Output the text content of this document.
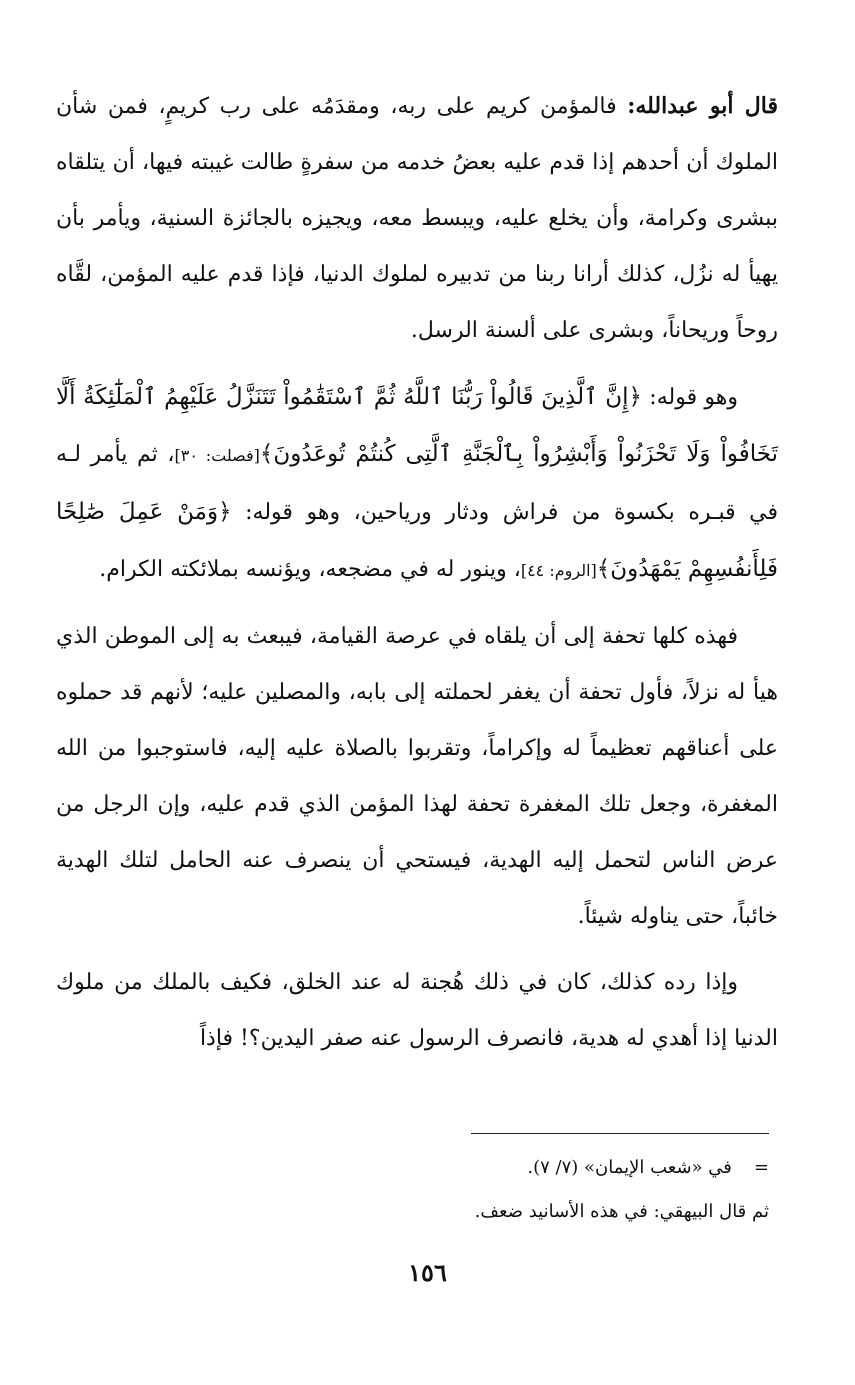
قال أبو عبدالله: فالمؤمن كريم على ربه، ومقدَمُه على رب كريمٍ، فمن شأن الملوك أن أحدهم إذا قدم عليه بعضُ خدمه من سفرةٍ طالت غيبته فيها، أن يتلقاه ببشرى وكرامة، وأن يخلع عليه، ويبسط معه، ويجيزه بالجائزة السنية، ويأمر بأن يهيأ له نزُل، كذلك أرانا ربنا من تدبيره لملوك الدنيا، فإذا قدم عليه المؤمن، لقَّاه روحاً وريحاناً، وبشرى على ألسنة الرسل.

وهو قوله: ﴿إِنَّ ٱلَّذِينَ قَالُواْ رَبُّنَا ٱللَّهُ ثُمَّ ٱسْتَقَٰمُواْ تَتَنَزَّلُ عَلَيْهِمُ ٱلْمَلَٰٓئِكَةُ أَلَّا تَخَافُواْ وَلَا تَحْزَنُواْ وَأَبْشِرُواْ بِٱلْجَنَّةِ ٱلَّتِى كُنتُمْ تُوعَدُونَ﴾[فصلت: ٣٠]، ثم يأمر لـه في قبـره بكسوة من فراش ودثار ورياحين، وهو قوله: ﴿وَمَنْ عَمِلَ صَٰلِحًا فَلِأَنفُسِهِمْ يَمْهَدُونَ﴾[الروم: ٤٤]، وينور له في مضجعه، ويؤنسه بملائكته الكرام.

فهذه كلها تحفة إلى أن يلقاه في عرصة القيامة، فيبعث به إلى الموطن الذي هيأ له نزلاً، فأول تحفة أن يغفر لحملته إلى بابه، والمصلين عليه؛ لأنهم قد حملوه على أعناقهم تعظيماً له وإكراماً، وتقربوا بالصلاة عليه إليه، فاستوجبوا من الله المغفرة، وجعل تلك المغفرة تحفة لهذا المؤمن الذي قدم عليه، وإن الرجل من عرض الناس لتحمل إليه الهدية، فيستحي أن ينصرف عنه الحامل لتلك الهدية خائباً، حتى يناوله شيئاً.

وإذا رده كذلك، كان في ذلك هُجنة له عند الخلق، فكيف بالملك من ملوك الدنيا إذا أهدي له هدية، فانصرف الرسول عنه صفر اليدين؟! فإذاً

=في «شعب الإيمان» (٧/ ٧).

ثم قال البيهقي: في هذه الأسانيد ضعف.

١٥٦
